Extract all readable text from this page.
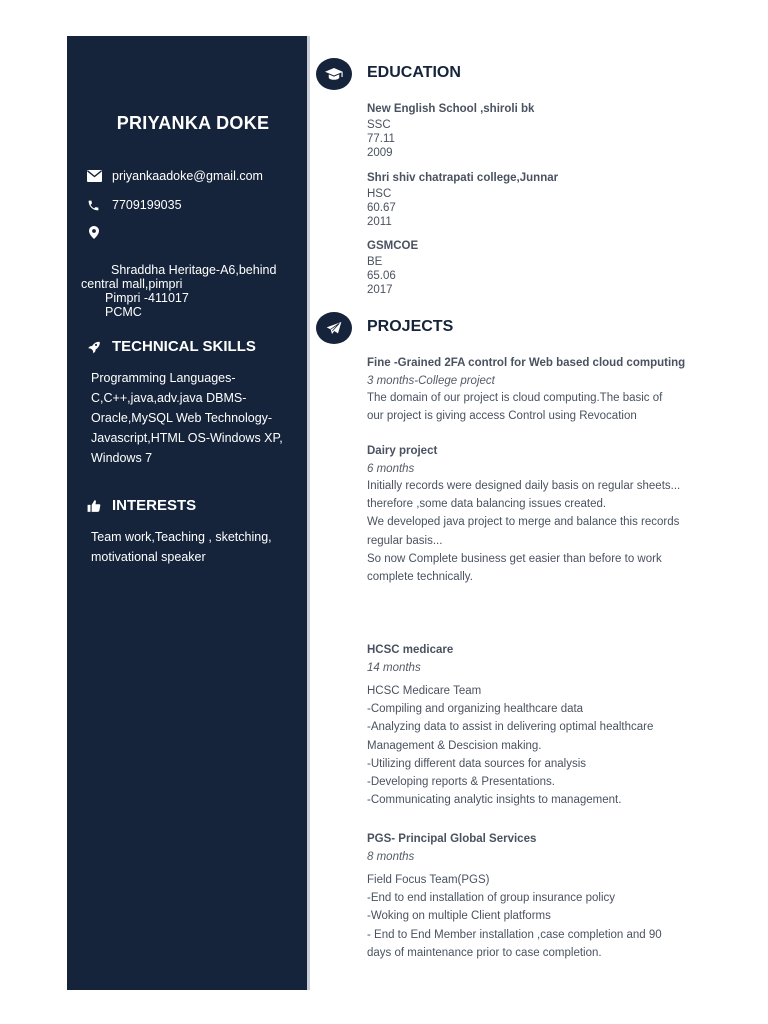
PRIYANKA DOKE
priyankaadoke@gmail.com
7709199035
Shraddha Heritage-A6,behind
central mall,pimpri
Pimpri -411017
PCMC
TECHNICAL SKILLS
Programming Languages-C,C++,java,adv.java DBMS-Oracle,MySQL Web Technology-Javascript,HTML OS-Windows XP, Windows 7
INTERESTS
Team work,Teaching , sketching, motivational speaker
EDUCATION
New English School ,shiroli bk
SSC
77.11
2009
Shri shiv chatrapati college,Junnar
HSC
60.67
2011
GSMCOE
BE
65.06
2017
PROJECTS
Fine -Grained 2FA control for Web based cloud computing
3 months-College project
The domain of our project is cloud computing.The basic of
our project is giving access Control using Revocation
Dairy project
6 months
Initially records were designed daily basis on regular sheets...
therefore ,some data balancing issues created.
We developed java project to merge and balance this records
regular basis...
So now Complete business get easier than before to work
complete technically.
HCSC medicare
14 months
HCSC Medicare Team
-Compiling and organizing healthcare data
-Analyzing data to assist in delivering optimal healthcare
Management & Descision making.
-Utilizing different data sources for analysis
-Developing reports & Presentations.
-Communicating analytic insights to management.
PGS- Principal Global Services
8 months
Field Focus Team(PGS)
-End to end installation of group insurance policy
-Woking on multiple Client platforms
- End to End Member installation ,case completion and 90
days of maintenance prior to case completion.
